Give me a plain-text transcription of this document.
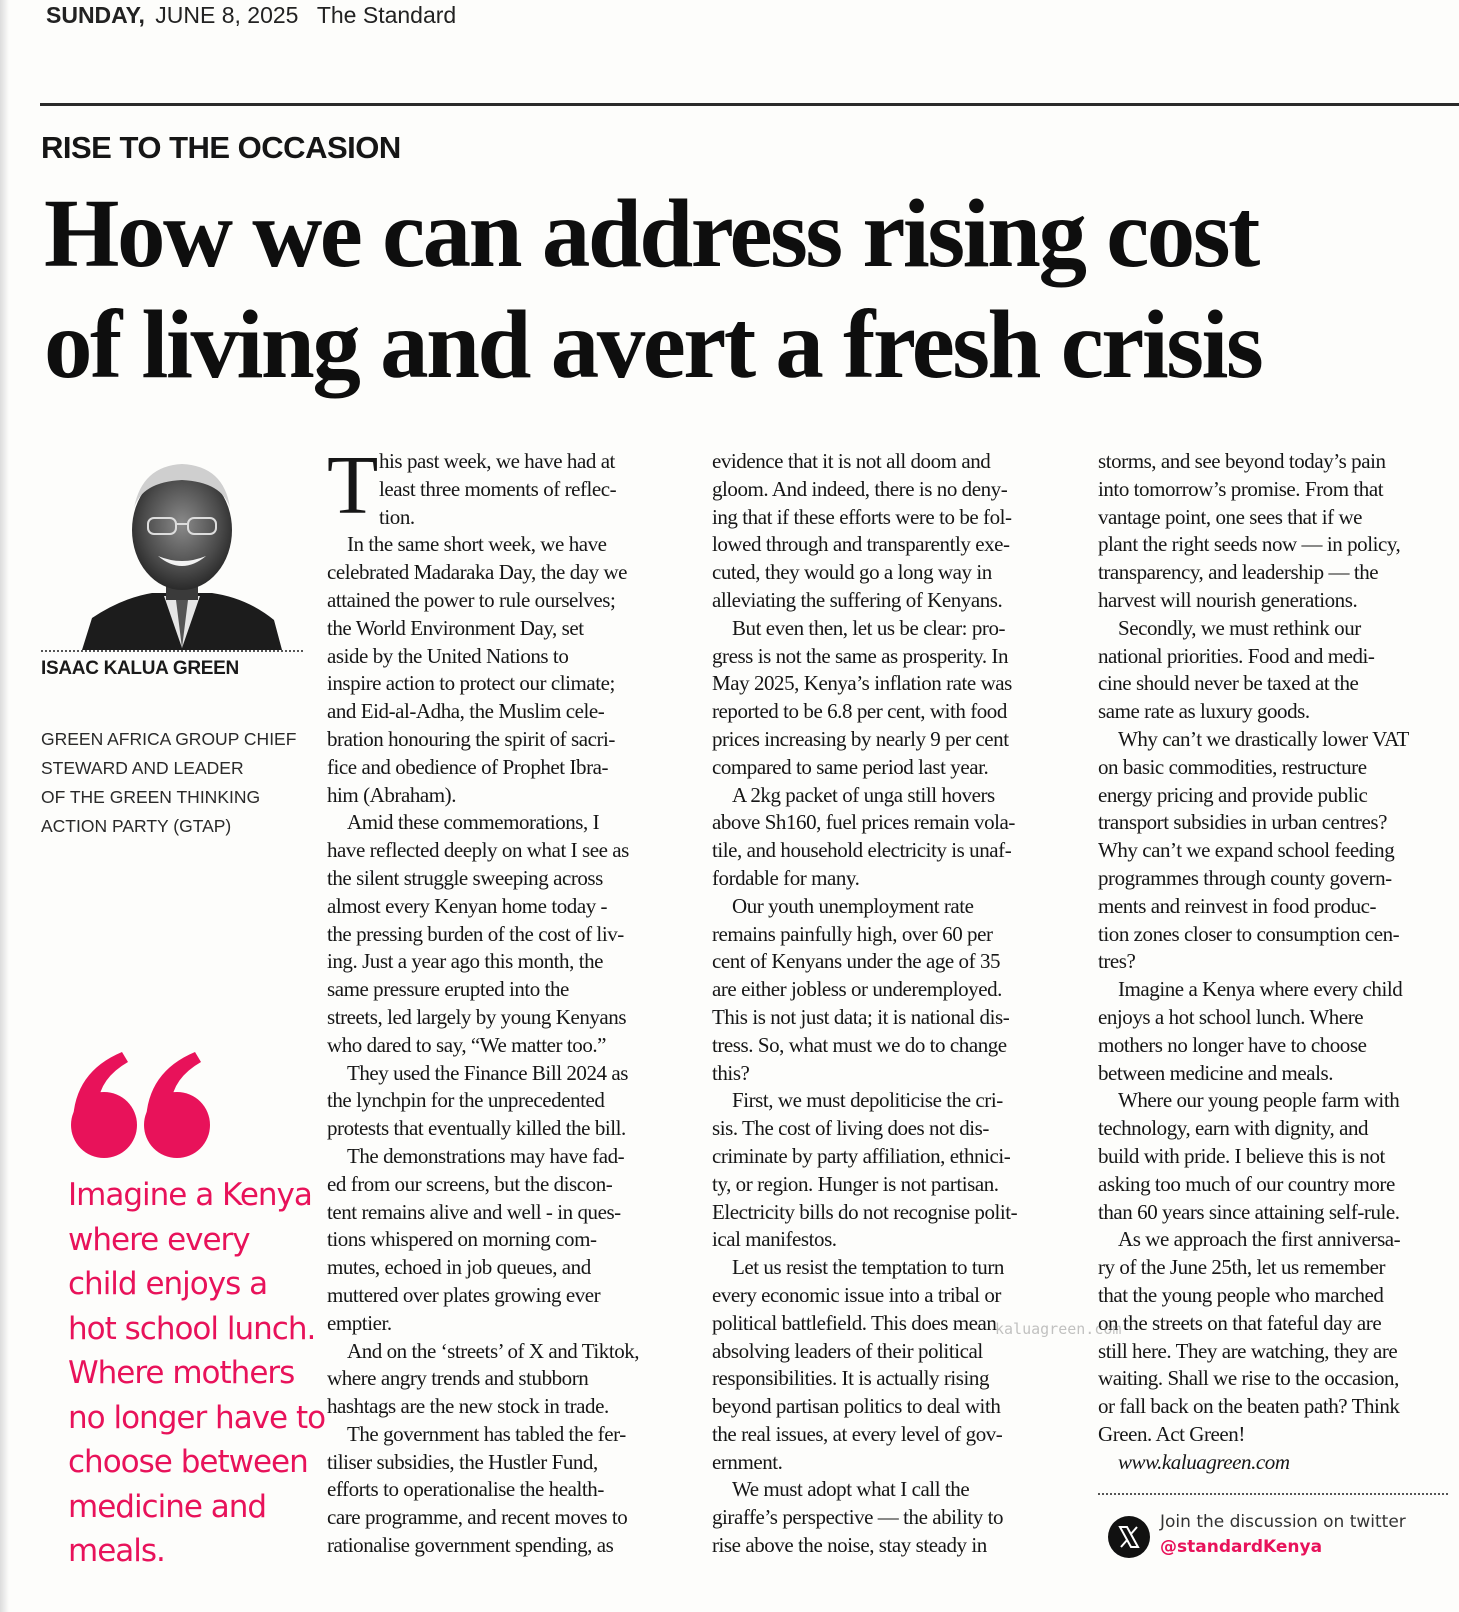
SUNDAY, JUNE 8, 2025 The Standard
RISE TO THE OCCASION
How we can address rising cost
of living and avert a fresh crisis
ISAAC KALUA GREEN
GREEN AFRICA GROUP CHIEF
STEWARD AND LEADER
OF THE GREEN THINKING
ACTION PARTY (GTAP)
Imagine a Kenya
where every
child enjoys a
hot school lunch.
Where mothers
no longer have to
choose between
medicine and
meals.
T his past week, we have had at
least three moments of reflec-
tion.
In the same short week, we have
celebrated Madaraka Day, the day we
attained the power to rule ourselves;
the World Environment Day, set
aside by the United Nations to
inspire action to protect our climate;
and Eid-al-Adha, the Muslim cele-
bration honouring the spirit of sacri-
fice and obedience of Prophet Ibra-
him (Abraham).
Amid these commemorations, I
have reflected deeply on what I see as
the silent struggle sweeping across
almost every Kenyan home today -
the pressing burden of the cost of liv-
ing. Just a year ago this month, the
same pressure erupted into the
streets, led largely by young Kenyans
who dared to say, “We matter too.”
They used the Finance Bill 2024 as
the lynchpin for the unprecedented
protests that eventually killed the bill.
The demonstrations may have fad-
ed from our screens, but the discon-
tent remains alive and well - in ques-
tions whispered on morning com-
mutes, echoed in job queues, and
muttered over plates growing ever
emptier.
And on the ‘streets’ of X and Tiktok,
where angry trends and stubborn
hashtags are the new stock in trade.
The government has tabled the fer-
tiliser subsidies, the Hustler Fund,
efforts to operationalise the health-
care programme, and recent moves to
rationalise government spending, as
evidence that it is not all doom and
gloom. And indeed, there is no deny-
ing that if these efforts were to be fol-
lowed through and transparently exe-
cuted, they would go a long way in
alleviating the suffering of Kenyans.
But even then, let us be clear: pro-
gress is not the same as prosperity. In
May 2025, Kenya’s inflation rate was
reported to be 6.8 per cent, with food
prices increasing by nearly 9 per cent
compared to same period last year.
A 2kg packet of unga still hovers
above Sh160, fuel prices remain vola-
tile, and household electricity is unaf-
fordable for many.
Our youth unemployment rate
remains painfully high, over 60 per
cent of Kenyans under the age of 35
are either jobless or underemployed.
This is not just data; it is national dis-
tress. So, what must we do to change
this?
First, we must depoliticise the cri-
sis. The cost of living does not dis-
criminate by party affiliation, ethnici-
ty, or region. Hunger is not partisan.
Electricity bills do not recognise polit-
ical manifestos.
Let us resist the temptation to turn
every economic issue into a tribal or
political battlefield. This does mean
absolving leaders of their political
responsibilities. It is actually rising
beyond partisan politics to deal with
the real issues, at every level of gov-
ernment.
We must adopt what I call the
giraffe’s perspective — the ability to
rise above the noise, stay steady in
storms, and see beyond today’s pain
into tomorrow’s promise. From that
vantage point, one sees that if we
plant the right seeds now — in policy,
transparency, and leadership — the
harvest will nourish generations.
Secondly, we must rethink our
national priorities. Food and medi-
cine should never be taxed at the
same rate as luxury goods.
Why can’t we drastically lower VAT
on basic commodities, restructure
energy pricing and provide public
transport subsidies in urban centres?
Why can’t we expand school feeding
programmes through county govern-
ments and reinvest in food produc-
tion zones closer to consumption cen-
tres?
Imagine a Kenya where every child
enjoys a hot school lunch. Where
mothers no longer have to choose
between medicine and meals.
Where our young people farm with
technology, earn with dignity, and
build with pride. I believe this is not
asking too much of our country more
than 60 years since attaining self-rule.
As we approach the first anniversa-
ry of the June 25th, let us remember
that the young people who marched
on the streets on that fateful day are
still here. They are watching, they are
waiting. Shall we rise to the occasion,
or fall back on the beaten path? Think
Green. Act Green!
www.kaluagreen.com
kaluagreen.com
Join the discussion on twitter
@standardKenya
